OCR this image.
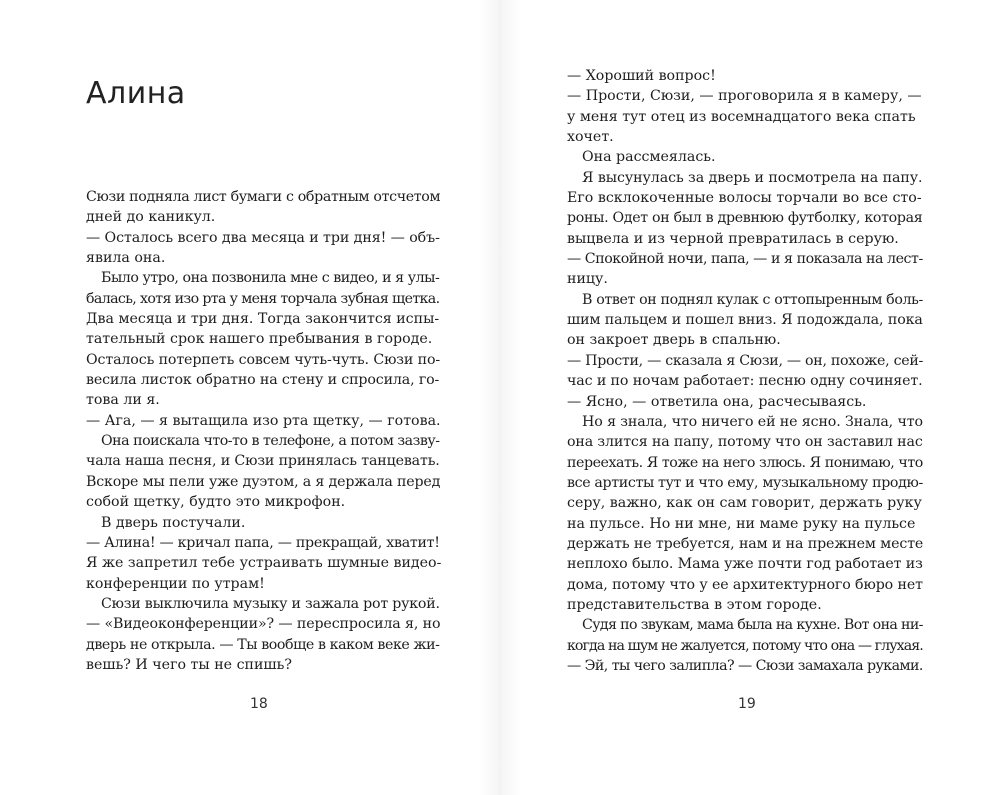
Алина
Сюзи подняла лист бумаги с обратным отсчетом
дней до каникул.
— Осталось всего два месяца и три дня! — объ-
явила она.
Было утро, она позвонила мне с видео, и я улы-
балась, хотя изо рта у меня торчала зубная щетка.
Два месяца и три дня. Тогда закончится испы-
тательный срок нашего пребывания в городе.
Осталось потерпеть совсем чуть-чуть. Сюзи по-
весила листок обратно на стену и спросила, го-
това ли я.
— Ага, — я вытащила изо рта щетку, — готова.
Она поискала что-то в телефоне, а потом зазву-
чала наша песня, и Сюзи принялась танцевать.
Вскоре мы пели уже дуэтом, а я держала перед
собой щетку, будто это микрофон.
В дверь постучали.
— Алина! — кричал папа, — прекращай, хватит!
Я же запретил тебе устраивать шумные видео-
конференции по утрам!
Сюзи выключила музыку и зажала рот рукой.
— «Видеоконференции»? — переспросила я, но
дверь не открыла. — Ты вообще в каком веке жи-
вешь? И чего ты не спишь?
18
— Хороший вопрос!
— Прости, Сюзи, — проговорила я в камеру, —
у меня тут отец из восемнадцатого века спать
хочет.
Она рассмеялась.
Я высунулась за дверь и посмотрела на папу.
Его всклокоченные волосы торчали во все сто-
роны. Одет он был в древнюю футболку, которая
выцвела и из черной превратилась в серую.
— Спокойной ночи, папа, — и я показала на лест-
ницу.
В ответ он поднял кулак с оттопыренным боль-
шим пальцем и пошел вниз. Я подождала, пока
он закроет дверь в спальню.
— Прости, — сказала я Сюзи, — он, похоже, сей-
час и по ночам работает: песню одну сочиняет.
— Ясно, — ответила она, расчесываясь.
Но я знала, что ничего ей не ясно. Знала, что
она злится на папу, потому что он заставил нас
переехать. Я тоже на него злюсь. Я понимаю, что
все артисты тут и что ему, музыкальному продю-
серу, важно, как он сам говорит, держать руку
на пульсе. Но ни мне, ни маме руку на пульсе
держать не требуется, нам и на прежнем месте
неплохо было. Мама уже почти год работает из
дома, потому что у ее архитектурного бюро нет
представительства в этом городе.
Судя по звукам, мама была на кухне. Вот она ни-
когда на шум не жалуется, потому что она — глухая.
— Эй, ты чего залипла? — Сюзи замахала руками.
19
